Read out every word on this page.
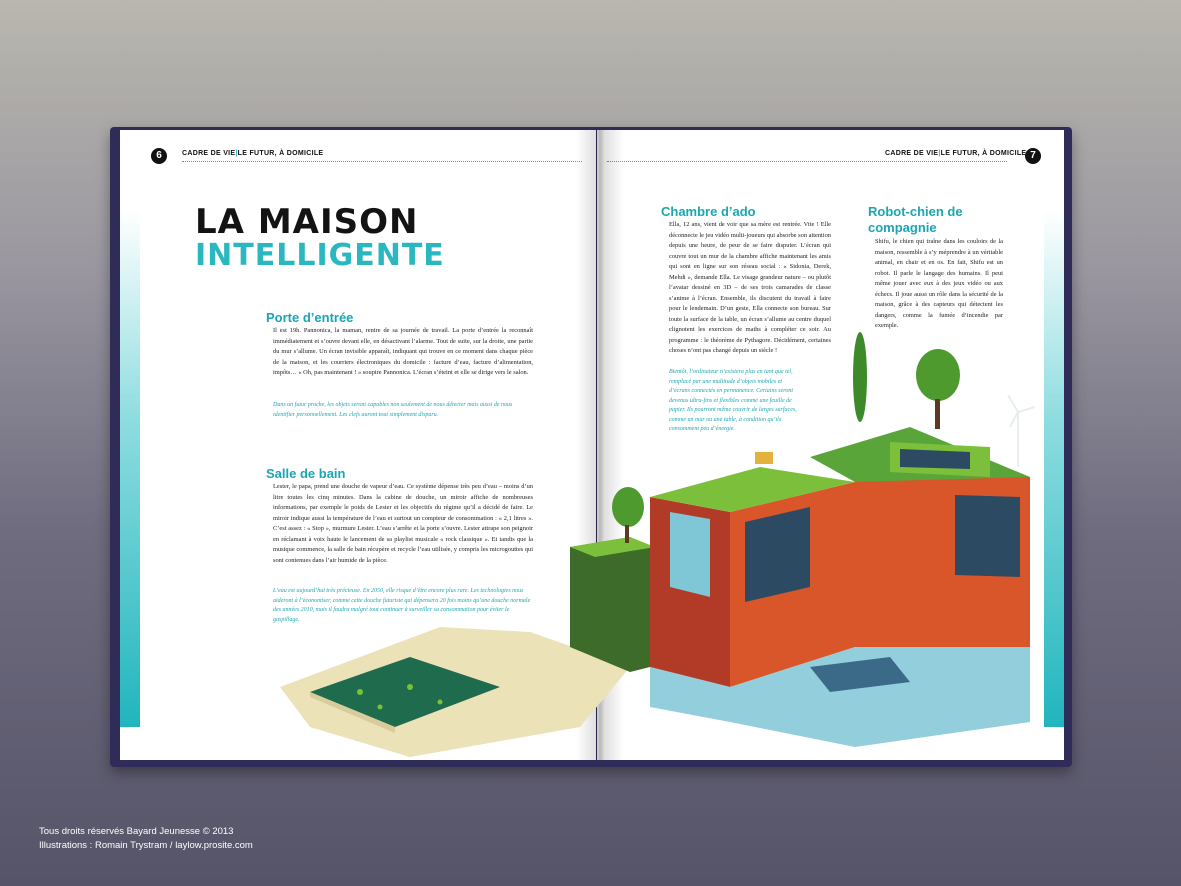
6	CADRE DE VIE|LE FUTUR, À DOMICILE
LA MAISON
INTELLIGENTE
Porte d’entrée
Il est 19h. Pannonica, la maman, rentre de sa journée de travail. La porte d’entrée la reconnaît immédiatement et s’ouvre devant elle, en désactivant l’alarme. Tout de suite, sur la droite, une partie du mur s’allume. Un écran invisible apparaît, indiquant qui trouve en ce moment dans chaque pièce de la maison, et les courriers électroniques du domicile : facture d’eau, facture d’alimentation, impôts… « Oh, pas maintenant ! » soupire Pannonica. L’écran s’éteint et elle se dirige vers le salon.
Dans un futur proche, les objets seront capables non seulement de nous détecter mais aussi de nous identifier personnellement. Les clefs auront tout simplement disparu.
Salle de bain
Lester, le papa, prend une douche de vapeur d’eau. Ce système dépense très peu d’eau – moins d’un litre toutes les cinq minutes. Dans la cabine de douche, un miroir affiche de nombreuses informations, par exemple le poids de Lester et les objectifs du régime qu’il a décidé de faire. Le miroir indique aussi la température de l’eau et surtout un compteur de consommation : « 2,1 litres ». C’est assez : « Stop », murmure Lester. L’eau s’arrête et la porte s’ouvre. Lester attrape son peignoir en réclamant à voix haute le lancement de sa playlist musicale « rock classique ». Et tandis que la musique commence, la salle de bain récupère et recycle l’eau utilisée, y compris les microgouttes qui sont contenues dans l’air humide de la pièce.
L’eau est aujourd’hui très précieuse. En 2050, elle risque d’être encore plus rare. Les technologies nous aideront à l’économiser, comme cette douche futuriste qui dépensera 20 fois moins qu’une douche normale des années 2010, mais il faudra malgré tout continuer à surveiller sa consommation pour éviter le gaspillage.
7
CADRE DE VIE|LE FUTUR, À DOMICILE
Chambre d’ado
Ella, 12 ans, vient de voir que sa mère est rentrée. Vite ! Elle déconnecte le jeu vidéo multi-joueurs qui absorbe son attention depuis une heure, de peur de se faire disputer. L’écran qui couvre tout un mur de la chambre affiche maintenant les amis qui sont en ligne sur son réseau social : « Sidonia, Derek, Mehdi », demande Ella. Le visage grandeur nature – ou plutôt l’avatar dessiné en 3D – de ses trois camarades de classe s’anime à l’écran. Ensemble, ils discutent du travail à faire pour le lendemain. D’un geste, Ella connecte son bureau. Sur toute la surface de la table, un écran s’allume au centre duquel clignotent les exercices de maths à compléter ce soir. Au programme : le théorème de Pythagore. Décidément, certaines choses n’ont pas changé depuis un siècle !
Bientôt, l’ordinateur n’existera plus en tant que tel, remplacé par une multitude d’objets mobiles et d’écrans connectés en permanence. Certains seront devenus ultra-fins et flexibles comme une feuille de papier. Ils pourront même couvrir de larges surfaces, comme un mur ou une table, à condition qu’ils consomment peu d’énergie.
Robot-chien de
compagnie
Shifu, le chien qui traîne dans les couloirs de la maison, ressemble à s’y méprendre à un véritable animal, en chair et en os. En fait, Shifu est un robot. Il parle le langage des humains. Il peut même jouer avec eux à des jeux vidéo ou aux échecs. Il joue aussi un rôle dans la sécurité de la maison, grâce à des capteurs qui détectent les dangers, comme la fumée d’incendie par exemple.
Tous droits réservés Bayard Jeunesse © 2013
Illustrations : Romain Trystram / laylow.prosite.com
